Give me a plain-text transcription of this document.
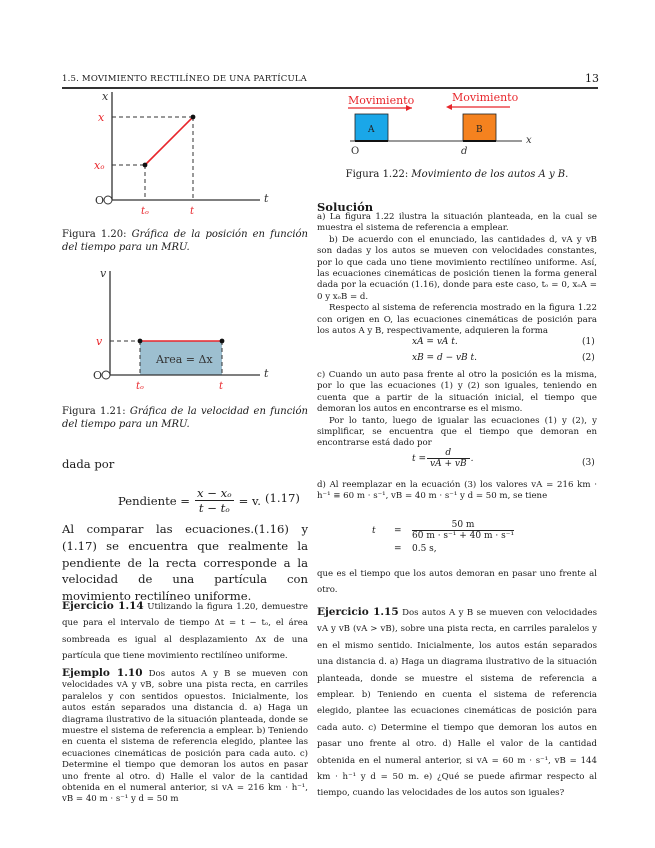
1.5. MOVIMIENTO RECTILÍNEO DE UNA PARTÍCULA	13
x
x
xₒ
O	t
tₒ	t
Figura 1.20: Gráfica de la posición en función del tiempo para un MRU.
Area = Δx
v
v
O	t
tₒ	t
Figura 1.21: Gráfica de la velocidad en función del tiempo para un MRU.
dada por
Pendiente = $\frac{\text{x − xₒ}}{\text{t − tₒ}} = v$. (1.17)
Al comparar las ecuaciones.(1.16) y (1.17) se encuentra que realmente la pendiente de la recta corresponde a la velocidad de una partícula con movimiento rectilíneo uniforme.
Ejercicio 1.14 Utilizando la figura 1.20, demuestre que para el intervalo de tiempo Δt = t − tₒ, el área sombreada es igual al desplazamiento Δx de una partícula que tiene movimiento rectilíneo uniforme.
Ejemplo 1.10 Dos autos A y B se mueven con velocidades vA y vB, sobre una pista recta, en carriles paralelos y con sentidos opuestos. Inicialmente, los autos están separados una distancia d. a) Haga un diagrama ilustrativo de la situación planteada, donde se muestre el sistema de referencia a emplear. b) Teniendo en cuenta el sistema de referencia elegido, plantee las ecuaciones cinemáticas de posición para cada auto. c) Determine el tiempo que demoran los autos en pasar uno frente al otro. d) Halle el valor de la cantidad obtenida en el numeral anterior, si vA = 216 km · h⁻¹, vB = 40 m · s⁻¹ y d = 50 m
Movimiento	Movimiento
A	B
x
O	d
Figura 1.22: Movimiento de los autos A y B.
Solución

a) La figura 1.22 ilustra la situación planteada, en la cual se muestra el sistema de referencia a emplear.

b) De acuerdo con el enunciado, las cantidades d, vA y vB son dadas y los autos se mueven con velocidades constantes, por lo que cada uno tiene movimiento rectilíneo uniforme. Así, las ecuaciones cinemáticas de posición tienen la forma general dada por la ecuación (1.16), donde para este caso, tₒ = 0, xₒA = 0 y xₒB = d.

Respecto al sistema de referencia mostrado en la figura 1.22 con origen en O, las ecuaciones cinemáticas de posición para los autos A y B, respectivamente, adquieren la forma

xA = vA t.	(1)
xB = d − vB t.	(2)

c) Cuando un auto pasa frente al otro la posición es la misma, por lo que las ecuaciones (1) y (2) son iguales, teniendo en cuenta que a partir de la situación inicial, el tiempo que demoran los autos en encontrarse es el mismo.

Por lo tanto, luego de igualar las ecuaciones (1) y (2), y simplificar, se encuentra que el tiempo que demoran en encontrarse está dado por

$t = \frac{d}{vA + vB}$ .	(3)
d) Al reemplazar en la ecuación (3) los valores vA = 216 km · h⁻¹ ≡ 60 m · s⁻¹, vB = 40 m · s⁻¹ y d = 50 m, se tiene
t	=	$\frac{50 m}{\text{60 m · s⁻¹ + 40 m · s⁻¹}}$
=	0.5 s,
que es el tiempo que los autos demoran en pasar uno frente al otro.
Ejercicio 1.15 Dos autos A y B se mueven con velocidades vA y vB (vA > vB), sobre una pista recta, en carriles paralelos y en el mismo sentido. Inicialmente, los autos están separados una distancia d. a) Haga un diagrama ilustrativo de la situación planteada, donde se muestre el sistema de referencia a emplear. b) Teniendo en cuenta el sistema de referencia elegido, plantee las ecuaciones cinemáticas de posición para cada auto. c) Determine el tiempo que demoran los autos en pasar uno frente al otro. d) Halle el valor de la cantidad obtenida en el numeral anterior, si vA = 60 m · s⁻¹, vB = 144 km · h⁻¹ y d = 50 m. e) ¿Qué se puede afirmar respecto al tiempo, cuando las velocidades de los autos son iguales?
